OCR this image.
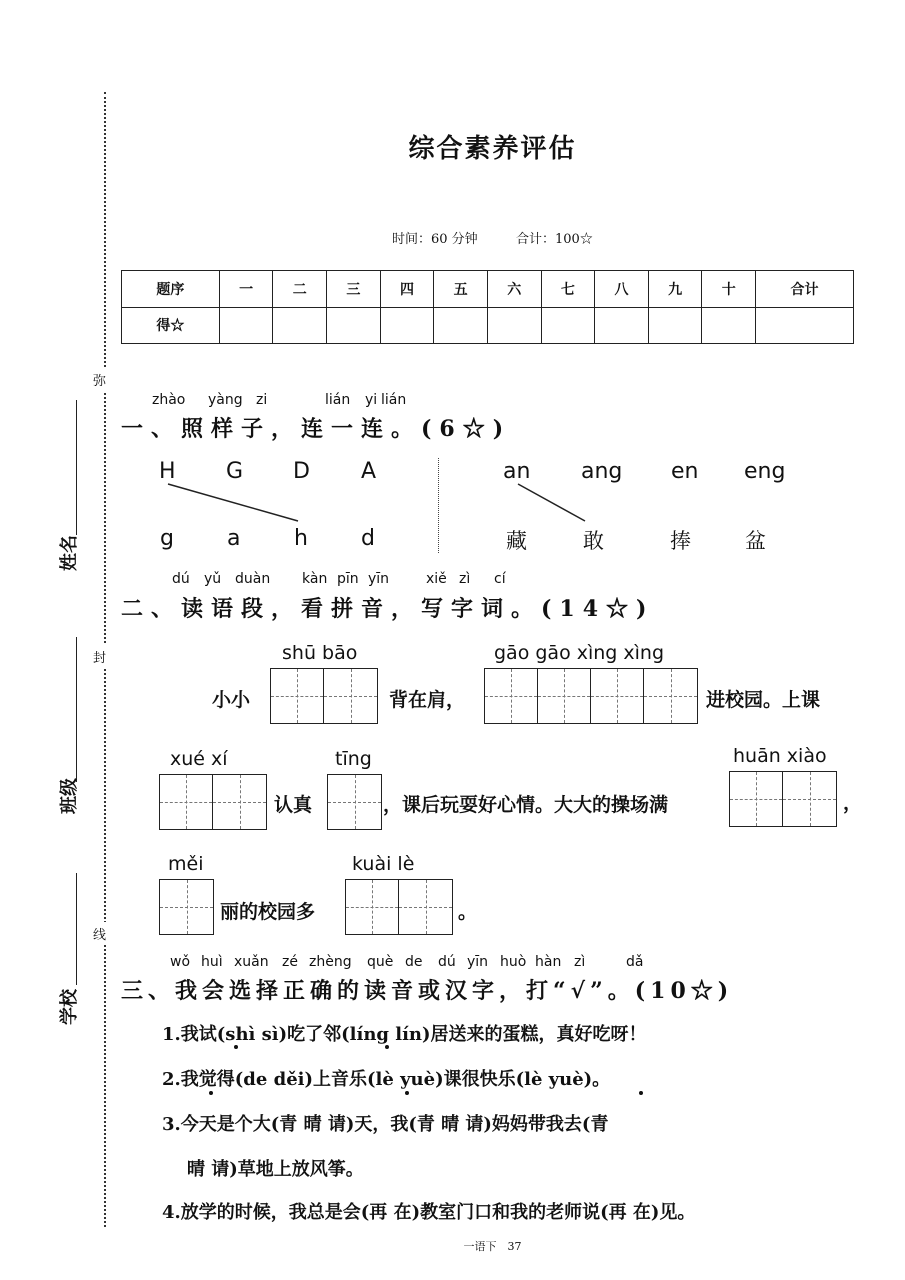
弥
封
线
姓名
班级
学校
综合素养评估
时间：60 分钟	合计：100☆
题序	一	二	三	四	五	六	七	八	九	十	合计
得☆											
zhào yàng zi	lián yi lián
一、照样子，连一连。(6☆)
H G D A
g a h d
an ang en eng
藏	敢	捧	盆
dú yǔ duàn kàn pīn yīn	xiě zì cí
二、读语段，看拼音，写字词。(14☆)
shū bāo	gāo gāo xìng xìng
小小	背在肩，	进校园。上课
xué xí	tīng	huān xiào
认真	，课后玩耍好心情。大大的操场满	，
měi	kuài lè
丽的校园多	。
wǒ huì xuǎn zé zhèng què de dú yīn huò hàn zì	dǎ
三、我会选择正确的读音或汉字，打“√”。(10☆)
1.我试(shì sì)吃了邻(líng lín)居送来的蛋糕，真好吃呀！
2.我觉得(de děi)上音乐(lè yuè)课很快乐(lè yuè)。
3.今天是个大(青 晴 请)天，我(青 晴 请)妈妈带我去(青
晴 请)草地上放风筝。
4.放学的时候，我总是会(再 在)教室门口和我的老师说(再 在)见。
一语下　37
